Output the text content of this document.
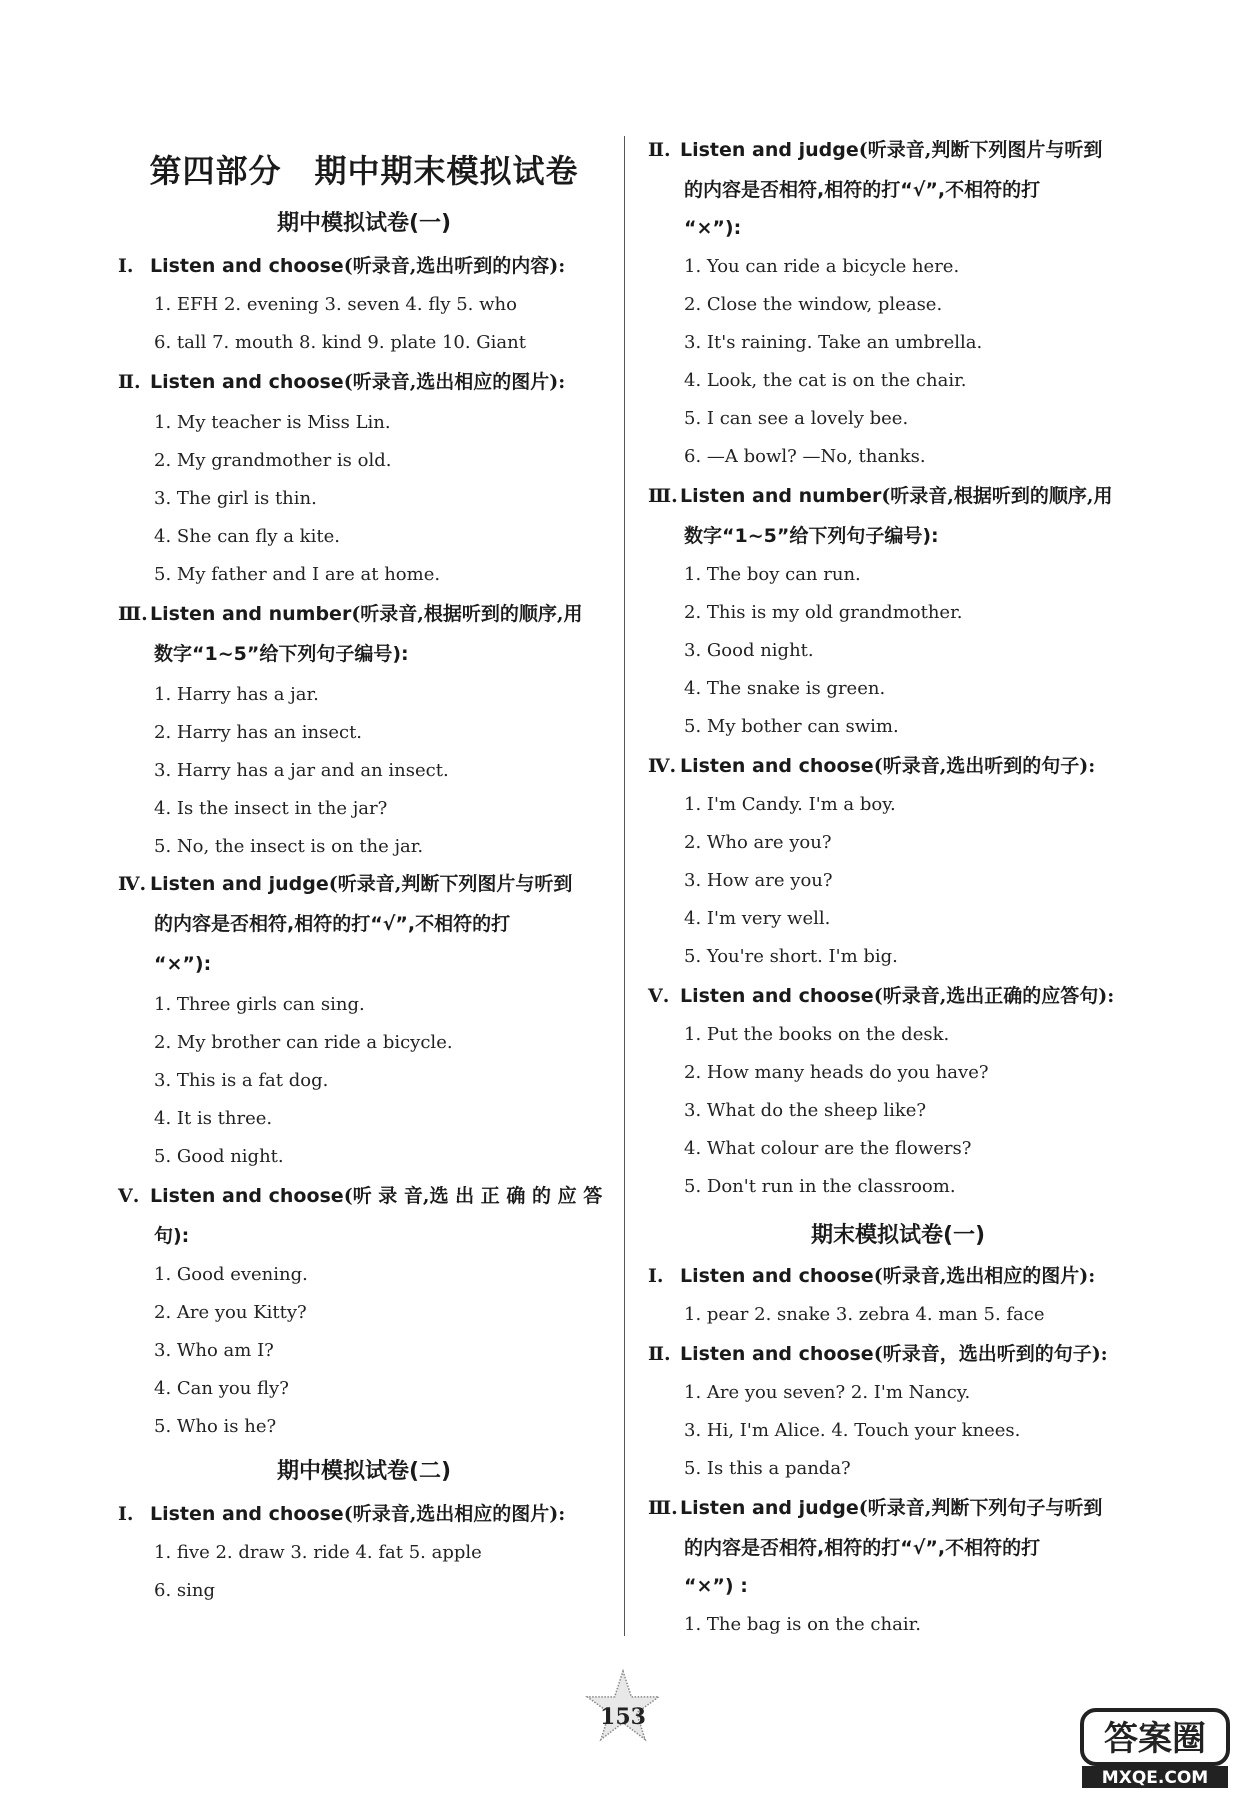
第四部分　期中期末模拟试卷
期中模拟试卷(一)
Ⅰ. Listen and choose(听录音,选出听到的内容):
1. EFH 2. evening 3. seven 4. fly 5. who
6. tall 7. mouth 8. kind 9. plate 10. Giant
Ⅱ. Listen and choose(听录音,选出相应的图片):
1. My teacher is Miss Lin.
2. My grandmother is old.
3. The girl is thin.
4. She can fly a kite.
5. My father and I are at home.
Ⅲ. Listen and number(听录音,根据听到的顺序,用
数字“1~5”给下列句子编号):
1. Harry has a jar.
2. Harry has an insect.
3. Harry has a jar and an insect.
4. Is the insect in the jar?
5. No, the insect is on the jar.
Ⅳ. Listen and judge(听录音,判断下列图片与听到
的内容是否相符,相符的打“√”,不相符的打
“×”):
1. Three girls can sing.
2. My brother can ride a bicycle.
3. This is a fat dog.
4. It is three.
5. Good night.
Ⅴ. Listen and choose(听 录 音,选 出 正 确 的 应 答
句):
1. Good evening.
2. Are you Kitty?
3. Who am I?
4. Can you fly?
5. Who is he?
期中模拟试卷(二)
Ⅰ. Listen and choose(听录音,选出相应的图片):
1. five 2. draw 3. ride 4. fat 5. apple
6. sing
Ⅱ. Listen and judge(听录音,判断下列图片与听到
的内容是否相符,相符的打“√”,不相符的打
“×”):
1. You can ride a bicycle here.
2. Close the window, please.
3. It's raining. Take an umbrella.
4. Look, the cat is on the chair.
5. I can see a lovely bee.
6. —A bowl? —No, thanks.
Ⅲ. Listen and number(听录音,根据听到的顺序,用
数字“1~5”给下列句子编号):
1. The boy can run.
2. This is my old grandmother.
3. Good night.
4. The snake is green.
5. My bother can swim.
Ⅳ. Listen and choose(听录音,选出听到的句子):
1. I'm Candy. I'm a boy.
2. Who are you?
3. How are you?
4. I'm very well.
5. You're short. I'm big.
Ⅴ. Listen and choose(听录音,选出正确的应答句):
1. Put the books on the desk.
2. How many heads do you have?
3. What do the sheep like?
4. What colour are the flowers?
5. Don't run in the classroom.
期末模拟试卷(一)
Ⅰ. Listen and choose(听录音,选出相应的图片):
1. pear 2. snake 3. zebra 4. man 5. face
Ⅱ. Listen and choose(听录音，选出听到的句子):
1. Are you seven? 2. I'm Nancy.
3. Hi, I'm Alice. 4. Touch your knees.
5. Is this a panda?
Ⅲ. Listen and judge(听录音,判断下列句子与听到
的内容是否相符,相符的打“√”,不相符的打
“×”) :
1. The bag is on the chair.
153
答案圈
MXQE.COM
